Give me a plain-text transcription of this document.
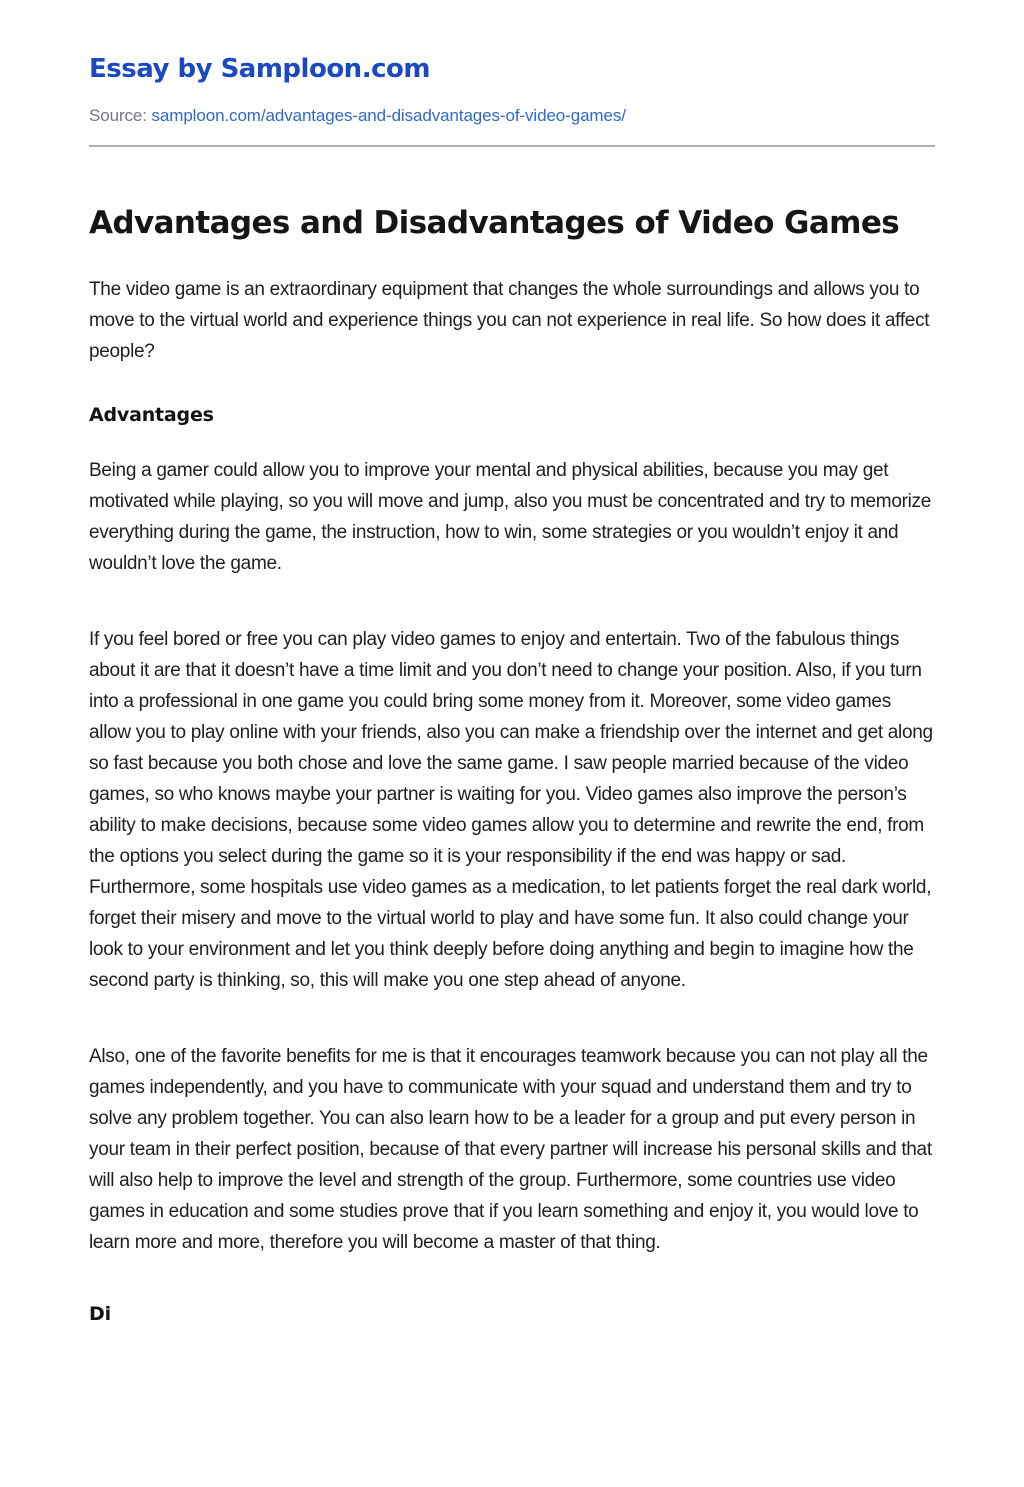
Essay by Samploon.com
Source: samploon.com/advantages-and-disadvantages-of-video-games/
Advantages and Disadvantages of Video Games

The video game is an extraordinary equipment that changes the whole surroundings and allows you to move to the virtual world and experience things you can not experience in real life. So how does it affect people?

Advantages

Being a gamer could allow you to improve your mental and physical abilities, because you may get motivated while playing, so you will move and jump, also you must be concentrated and try to memorize everything during the game, the instruction, how to win, some strategies or you wouldn’t enjoy it and wouldn’t love the game.

If you feel bored or free you can play video games to enjoy and entertain. Two of the fabulous things about it are that it doesn’t have a time limit and you don’t need to change your position. Also, if you turn into a professional in one game you could bring some money from it. Moreover, some video games allow you to play online with your friends, also you can make a friendship over the internet and get along so fast because you both chose and love the same game. I saw people married because of the video games, so who knows maybe your partner is waiting for you. Video games also improve the person’s ability to make decisions, because some video games allow you to determine and rewrite the end, from the options you select during the game so it is your responsibility if the end was happy or sad. Furthermore, some hospitals use video games as a medication, to let patients forget the real dark world, forget their misery and move to the virtual world to play and have some fun. It also could change your look to your environment and let you think deeply before doing anything and begin to imagine how the second party is thinking, so, this will make you one step ahead of anyone.

Also, one of the favorite benefits for me is that it encourages teamwork because you can not play all the games independently, and you have to communicate with your squad and understand them and try to solve any problem together. You can also learn how to be a leader for a group and put every person in your team in their perfect position, because of that every partner will increase his personal skills and that will also help to improve the level and strength of the group. Furthermore, some countries use video games in education and some studies prove that if you learn something and enjoy it, you would love to learn more and more, therefore you will become a master of that thing.

Di
